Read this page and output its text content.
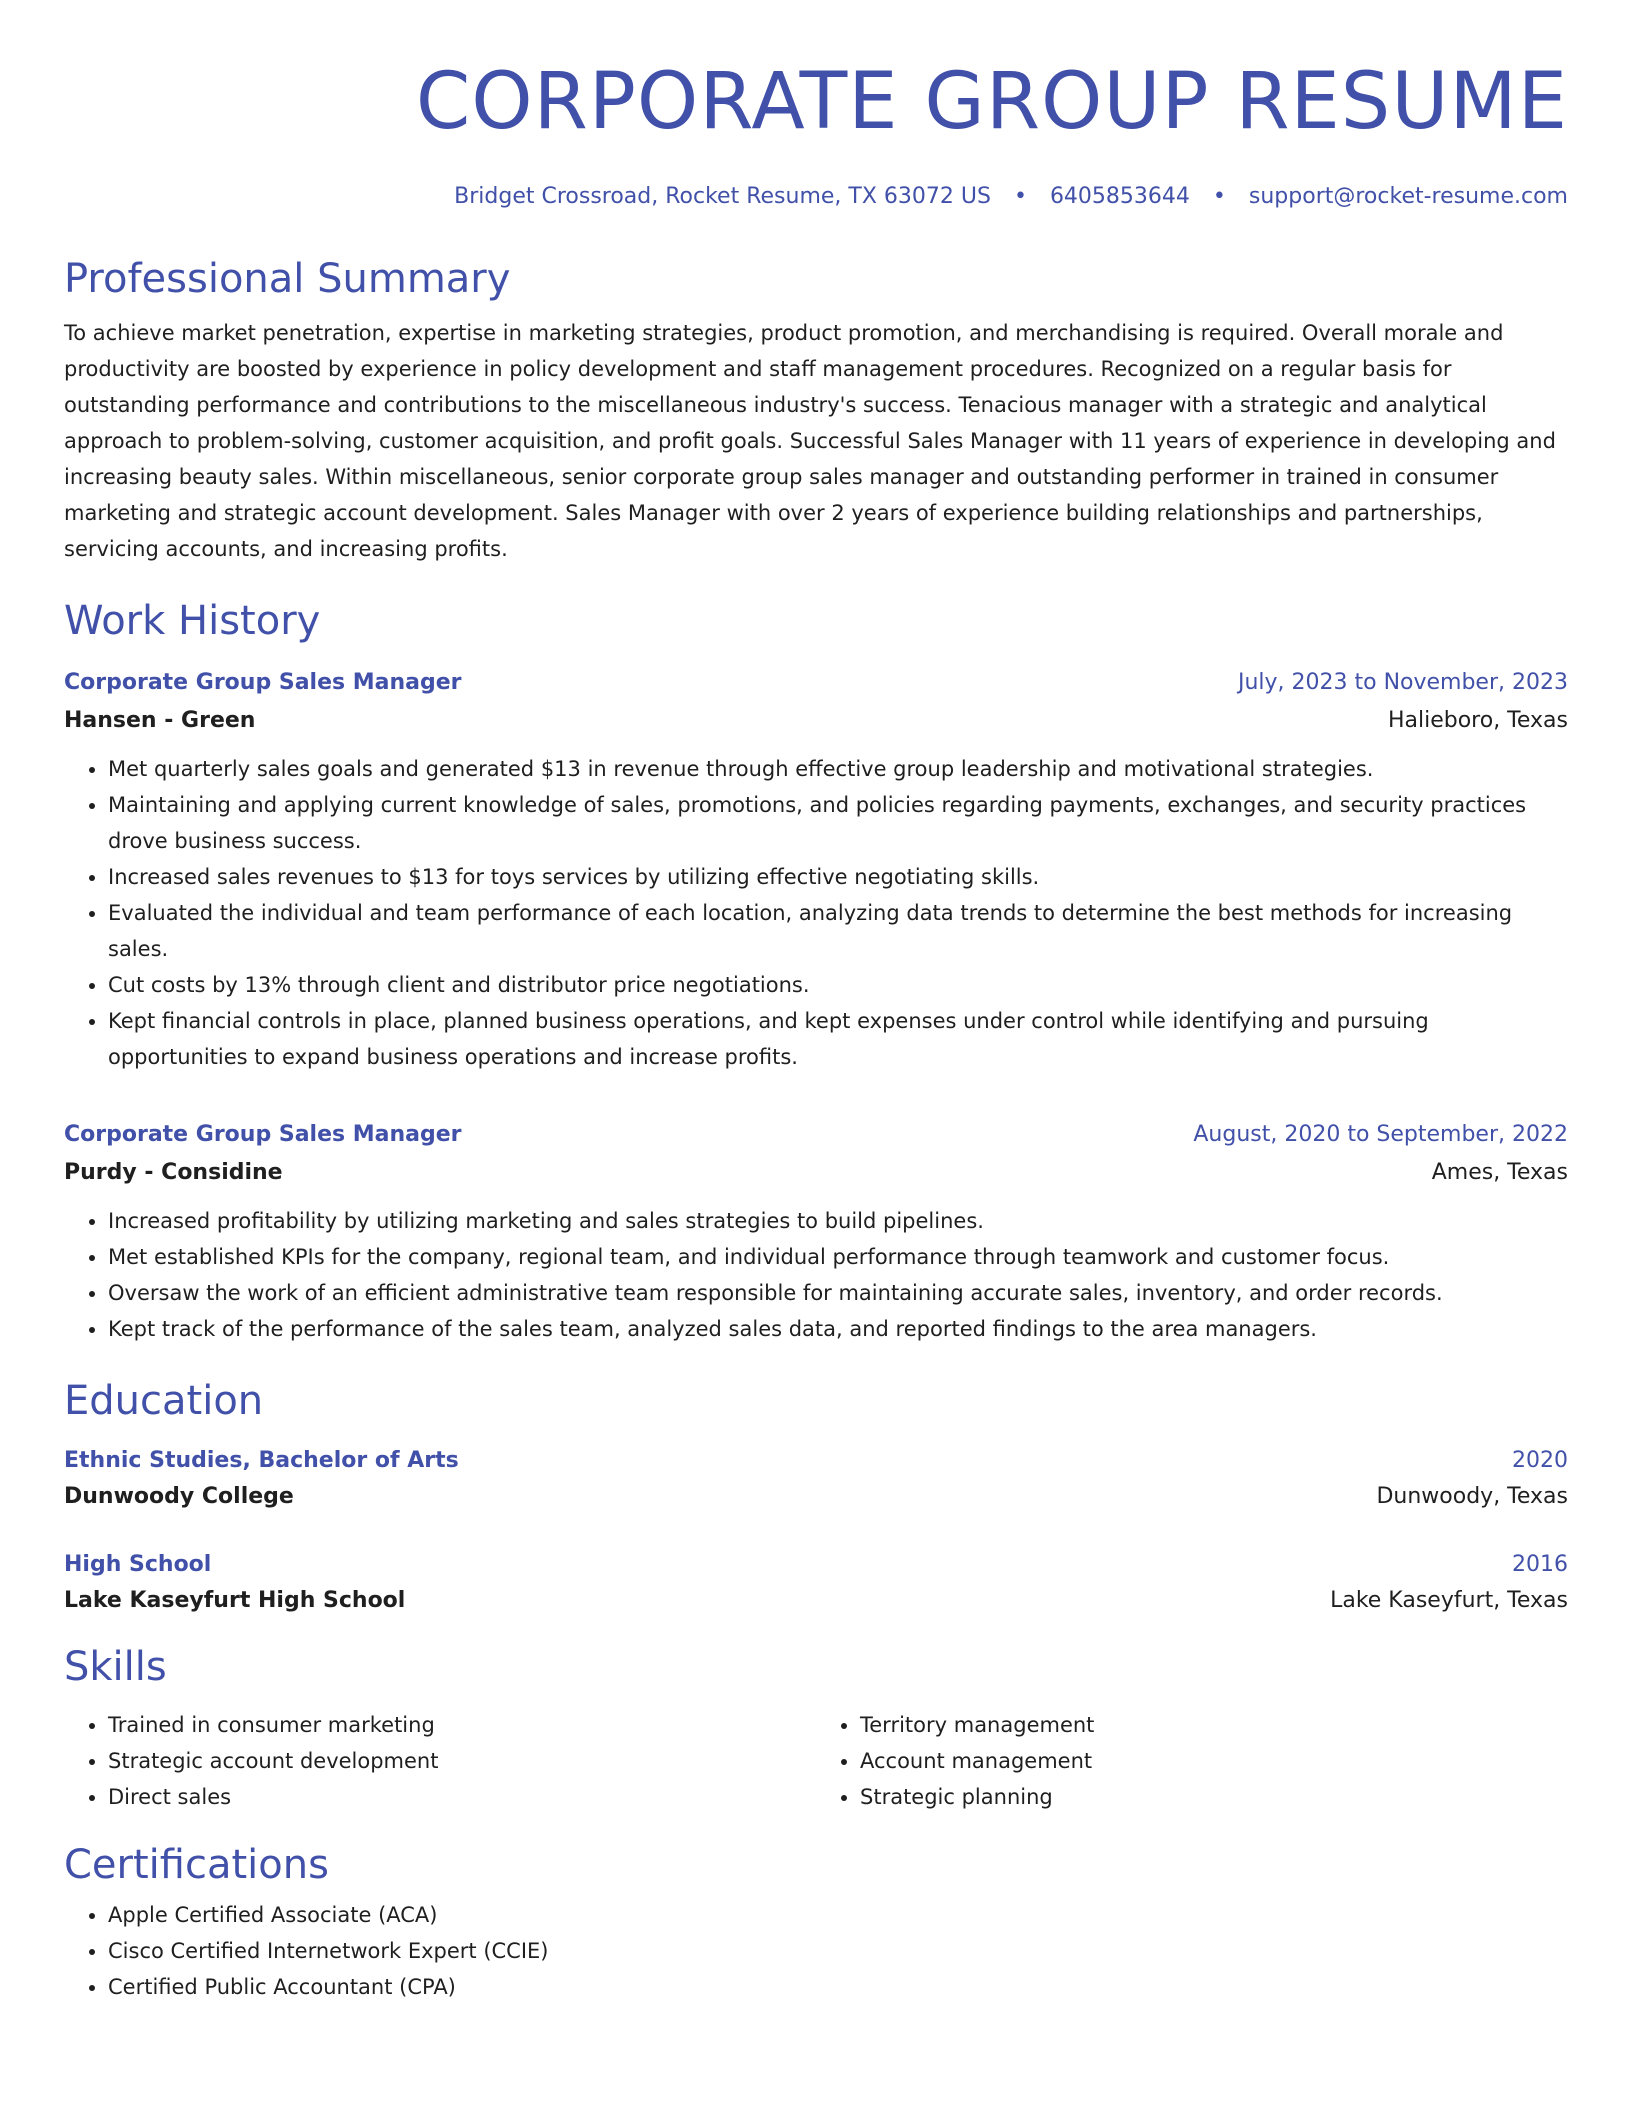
CORPORATE GROUP RESUME
Bridget Crossroad, Rocket Resume, TX 63072 US • 6405853644 • support@rocket-resume.com
Professional Summary

To achieve market penetration, expertise in marketing strategies, product promotion, and merchandising is required. Overall morale and productivity are boosted by experience in policy development and staff management procedures. Recognized on a regular basis for outstanding performance and contributions to the miscellaneous industry's success. Tenacious manager with a strategic and analytical approach to problem-solving, customer acquisition, and profit goals. Successful Sales Manager with 11 years of experience in developing and increasing beauty sales. Within miscellaneous, senior corporate group sales manager and outstanding performer in trained in consumer marketing and strategic account development. Sales Manager with over 2 years of experience building relationships and partnerships, servicing accounts, and increasing profits.

Work History
Corporate Group Sales Manager	July, 2023 to November, 2023
Hansen - Green	Halieboro, Texas
• Met quarterly sales goals and generated $13 in revenue through effective group leadership and motivational strategies.
• Maintaining and applying current knowledge of sales, promotions, and policies regarding payments, exchanges, and security practices drove business success.
• Increased sales revenues to $13 for toys services by utilizing effective negotiating skills.
• Evaluated the individual and team performance of each location, analyzing data trends to determine the best methods for increasing sales.
• Cut costs by 13% through client and distributor price negotiations.
• Kept financial controls in place, planned business operations, and kept expenses under control while identifying and pursuing opportunities to expand business operations and increase profits.
Corporate Group Sales Manager	August, 2020 to September, 2022
Purdy - Considine	Ames, Texas
• Increased profitability by utilizing marketing and sales strategies to build pipelines.
• Met established KPIs for the company, regional team, and individual performance through teamwork and customer focus.
• Oversaw the work of an efficient administrative team responsible for maintaining accurate sales, inventory, and order records.
• Kept track of the performance of the sales team, analyzed sales data, and reported findings to the area managers.
Education
Ethnic Studies, Bachelor of Arts	2020
Dunwoody College	Dunwoody, Texas
High School	2016
Lake Kaseyfurt High School	Lake Kaseyfurt, Texas
Skills
• Trained in consumer marketing
• Strategic account development
• Direct sales
• Territory management
• Account management
• Strategic planning
Certifications
• Apple Certified Associate (ACA)
• Cisco Certified Internetwork Expert (CCIE)
• Certified Public Accountant (CPA)
